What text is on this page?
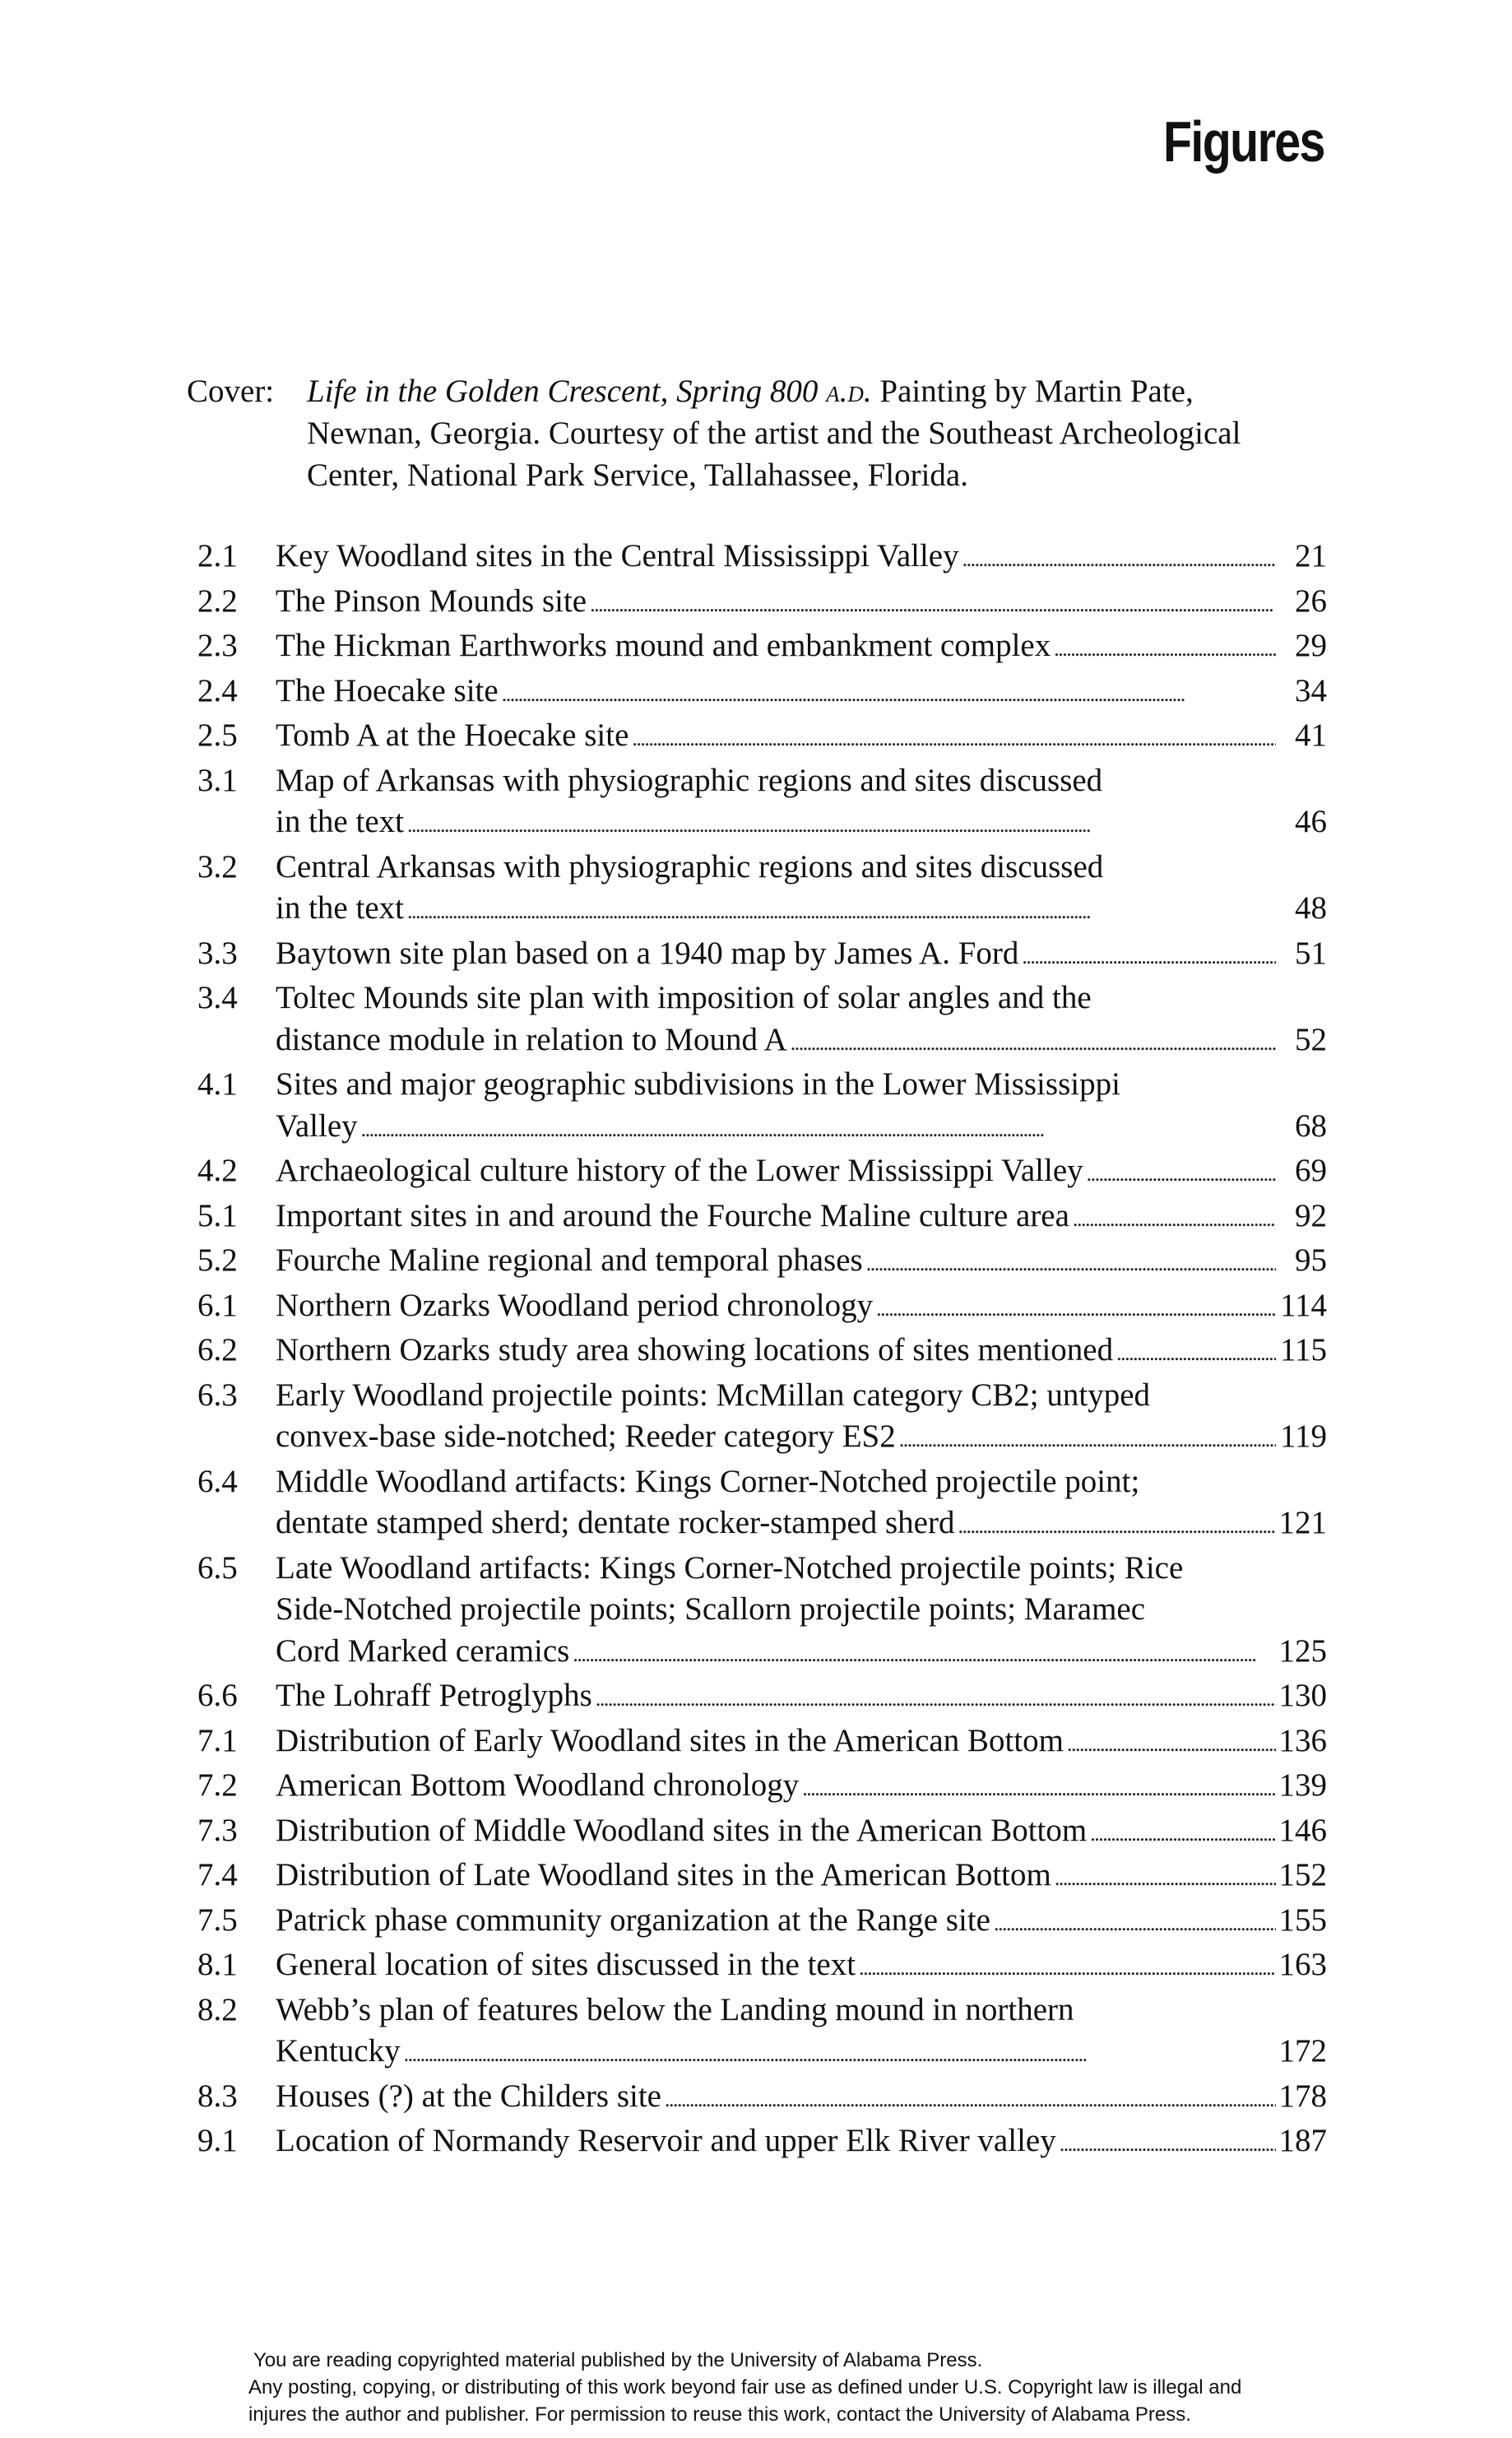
Figures
Cover: Life in the Golden Crescent, Spring 800 a.d. Painting by Martin Pate,
Newnan, Georgia. Courtesy of the artist and the Southeast Archeological
Center, National Park Service, Tallahassee, Florida.
2.1	Key Woodland sites in the Central Mississippi Valley . . .	21
2.2	The Pinson Mounds site . . .	26
2.3	The Hickman Earthworks mound and embankment complex . . .	29
2.4	The Hoecake site . . .	34
2.5	Tomb A at the Hoecake site . . .	41
3.1	Map of Arkansas with physiographic regions and sites discussed
in the text . . .	46
3.2	Central Arkansas with physiographic regions and sites discussed
in the text . . .	48
3.3	Baytown site plan based on a 1940 map by James A. Ford . . .	51
3.4	Toltec Mounds site plan with imposition of solar angles and the
distance module in relation to Mound A . . .	52
4.1	Sites and major geographic subdivisions in the Lower Mississippi
Valley . . .	68
4.2	Archaeological culture history of the Lower Mississippi Valley . . .	69
5.1	Important sites in and around the Fourche Maline culture area . . .	92
5.2	Fourche Maline regional and temporal phases . . .	95
6.1	Northern Ozarks Woodland period chronology . . .	114
6.2	Northern Ozarks study area showing locations of sites mentioned . . .	115
6.3	Early Woodland projectile points: McMillan category CB2; untyped
convex-base side-notched; Reeder category ES2 . . .	119
6.4	Middle Woodland artifacts: Kings Corner-Notched projectile point;
dentate stamped sherd; dentate rocker-stamped sherd . . .	121
6.5	Late Woodland artifacts: Kings Corner-Notched projectile points; Rice
Side-Notched projectile points; Scallorn projectile points; Maramec
Cord Marked ceramics . . .	125
6.6	The Lohraff Petroglyphs . . .	130
7.1	Distribution of Early Woodland sites in the American Bottom . . .	136
7.2	American Bottom Woodland chronology . . .	139
7.3	Distribution of Middle Woodland sites in the American Bottom . . .	146
7.4	Distribution of Late Woodland sites in the American Bottom . . .	152
7.5	Patrick phase community organization at the Range site . . .	155
8.1	General location of sites discussed in the text . . .	163
8.2	Webb’s plan of features below the Landing mound in northern
Kentucky . . .	172
8.3	Houses (?) at the Childers site . . .	178
9.1	Location of Normandy Reservoir and upper Elk River valley . . .	187
You are reading copyrighted material published by the University of Alabama Press.
Any posting, copying, or distributing of this work beyond fair use as defined under U.S. Copyright law is illegal and
injures the author and publisher. For permission to reuse this work, contact the University of Alabama Press.
